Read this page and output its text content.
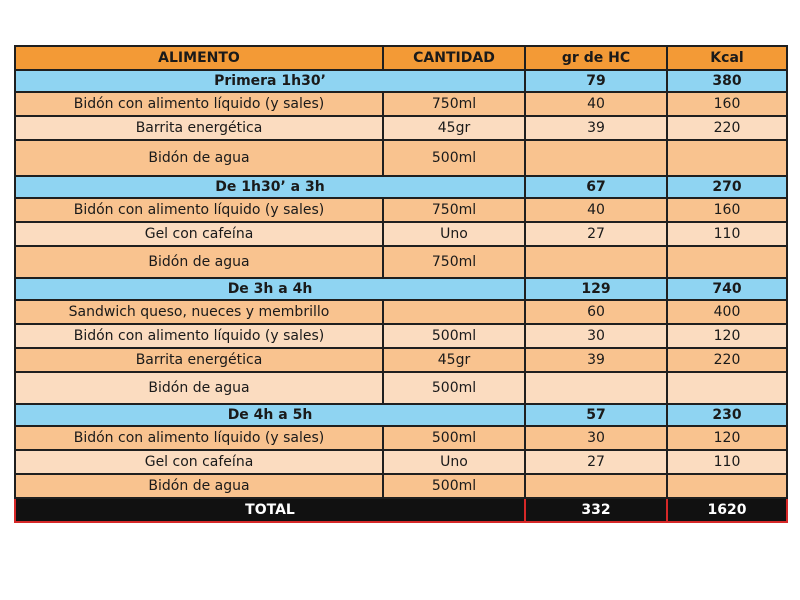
ALIMENTO	CANTIDAD	gr de HC	Kcal
Primera 1h30’		79	380
Bidón con alimento líquido (y sales)	750ml	40	160
Barrita energética	45gr	39	220
Bidón de agua	500ml		
De 1h30’ a 3h		67	270
Bidón con alimento líquido (y sales)	750ml	40	160
Gel con cafeína	Uno	27	110
Bidón de agua	750ml		
De 3h a 4h		129	740
Sandwich queso, nueces y membrillo		60	400
Bidón con alimento líquido (y sales)	500ml	30	120
Barrita energética	45gr	39	220
Bidón de agua	500ml		
De 4h a 5h		57	230
Bidón con alimento líquido (y sales)	500ml	30	120
Gel con cafeína	Uno	27	110
Bidón de agua	500ml		
TOTAL		332	1620
